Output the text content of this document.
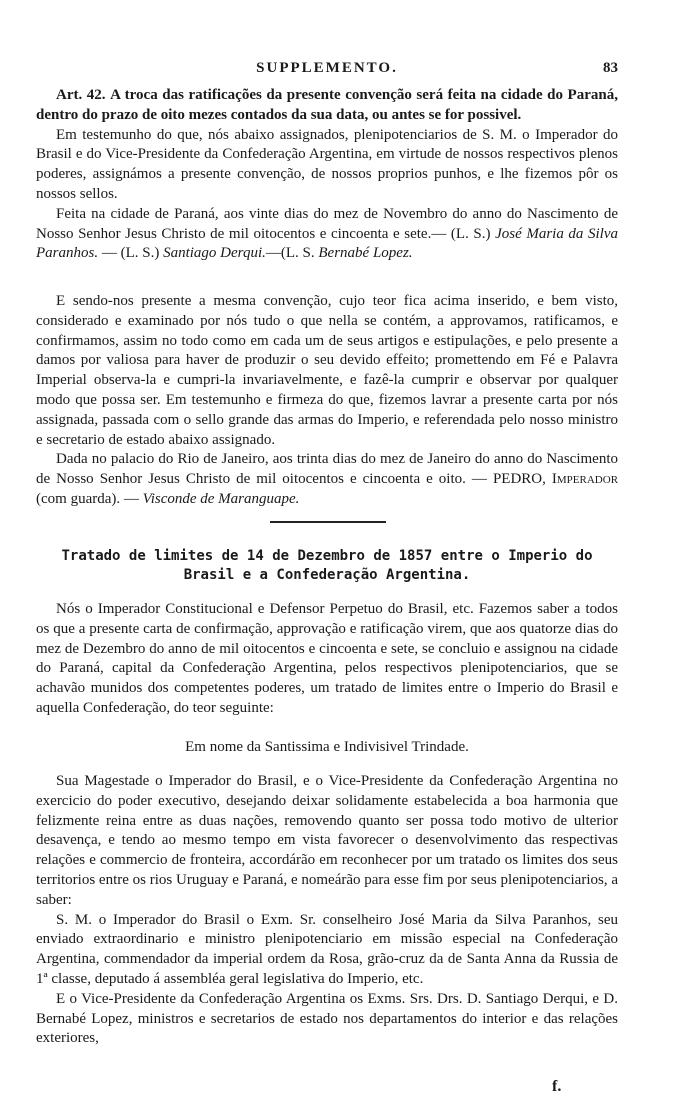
SUPPLEMENTO.	83

Art. 42. A troca das ratificações da presente convenção será feita na cidade do Paraná, dentro do prazo de oito mezes contados da sua data, ou antes se for possivel.

Em testemunho do que, nós abaixo assignados, plenipotenciarios de S. M. o Imperador do Brasil e do Vice-Presidente da Confederação Argentina, em virtude de nossos respectivos plenos poderes, assignámos a presente convenção, de nossos proprios punhos, e lhe fizemos pôr os nossos sellos.

Feita na cidade de Paraná, aos vinte dias do mez de Novembro do anno do Nascimento de Nosso Senhor Jesus Christo de mil oitocentos e cincoenta e sete.— (L. S.) José Maria da Silva Paranhos. — (L. S.) Santiago Derqui.—(L. S. Bernabé Lopez.

E sendo-nos presente a mesma convenção, cujo teor fica acima inserido, e bem visto, considerado e examinado por nós tudo o que nella se contém, a approvamos, ratificamos, e confirmamos, assim no todo como em cada um de seus artigos e estipulações, e pelo presente a damos por valiosa para haver de produzir o seu devido effeito; promettendo em Fé e Palavra Imperial observa-la e cumpri-la invariavelmente, e fazê-la cumprir e observar por qualquer modo que possa ser. Em testemunho e firmeza do que, fizemos lavrar a presente carta por nós assignada, passada com o sello grande das armas do Imperio, e referendada pelo nosso ministro e secretario de estado abaixo assignado.

Dada no palacio do Rio de Janeiro, aos trinta dias do mez de Janeiro do anno do Nascimento de Nosso Senhor Jesus Christo de mil oitocentos e cincoenta e oito. — PEDRO, Imperador (com guarda). — Visconde de Maranguape.

Tratado de limites de 14 de Dezembro de 1857 entre o Imperio do
Brasil e a Confederação Argentina.

Nós o Imperador Constitucional e Defensor Perpetuo do Brasil, etc. Fazemos saber a todos os que a presente carta de confirmação, approvação e ratificação virem, que aos quatorze dias do mez de Dezembro do anno de mil oitocentos e cincoenta e sete, se concluio e assignou na cidade do Paraná, capital da Confederação Argentina, pelos respectivos plenipotenciarios, que se achavão munidos dos competentes poderes, um tratado de limites entre o Imperio do Brasil e aquella Confederação, do teor seguinte:

Em nome da Santissima e Indivisivel Trindade.

Sua Magestade o Imperador do Brasil, e o Vice-Presidente da Confederação Argentina no exercicio do poder executivo, desejando deixar solidamente estabelecida a boa harmonia que felizmente reina entre as duas nações, removendo quanto ser possa todo motivo de ulterior desavença, e tendo ao mesmo tempo em vista favorecer o desenvolvimento das respectivas relações e commercio de fronteira, accordárão em reconhecer por um tratado os limites dos seus territorios entre os rios Uruguay e Paraná, e nomeárão para esse fim por seus plenipotenciarios, a saber:

S. M. o Imperador do Brasil o Exm. Sr. conselheiro José Maria da Silva Paranhos, seu enviado extraordinario e ministro plenipotenciario em missão especial na Confederação Argentina, commendador da imperial ordem da Rosa, grão-cruz da de Santa Anna da Russia de 1ª classe, deputado á assembléa geral legislativa do Imperio, etc.

E o Vice-Presidente da Confederação Argentina os Exms. Srs. Drs. D. Santiago Derqui, e D. Bernabé Lopez, ministros e secretarios de estado nos departamentos do interior e das relações exteriores,

f.
